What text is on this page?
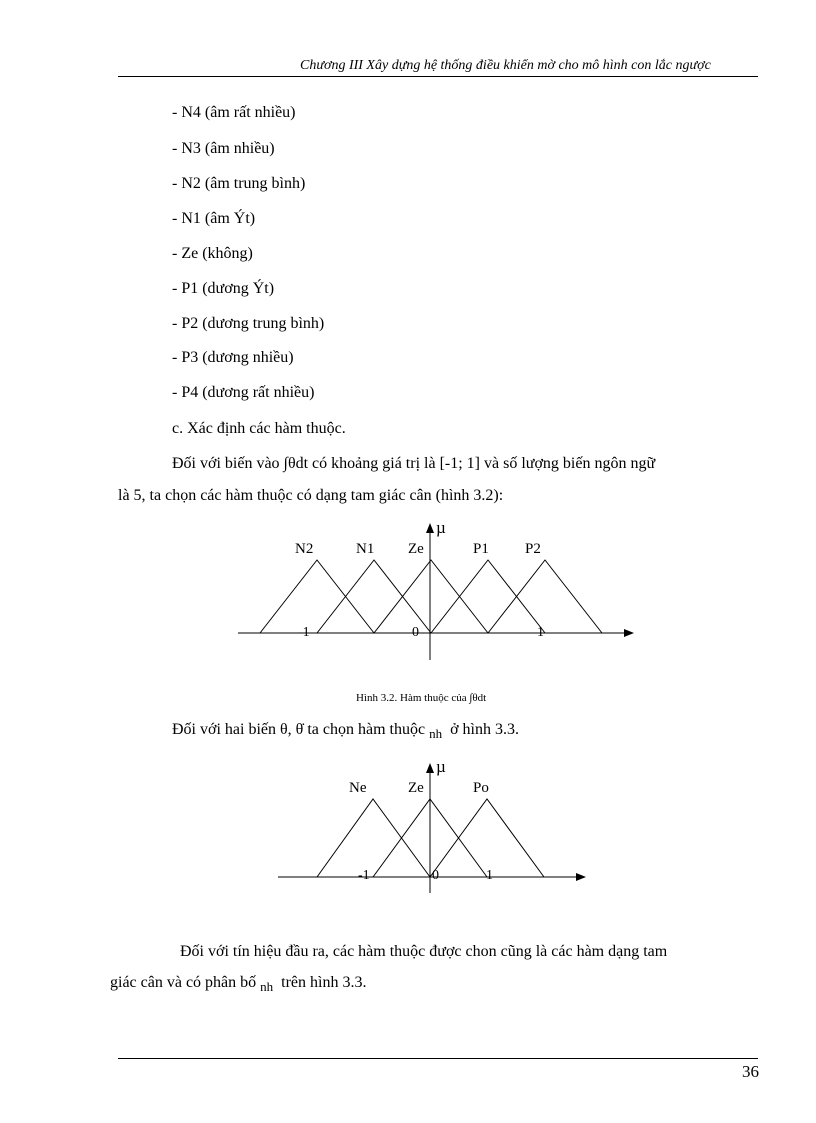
Chương III Xây dựng hệ thống điều khiển mờ cho mô hình con lắc ngược
- N4 (âm rất nhiều)
- N3 (âm nhiều)
- N2 (âm trung bình)
- N1 (âm Ýt)
- Ze (không)
- P1 (dương Ýt)
- P2 (dương trung bình)
- P3 (dương nhiều)
- P4 (dương rất nhiều)
c. Xác định các hàm thuộc.
Đối với biến vào ∫θdt có khoảng giá trị là [-1; 1] và số lượng biến ngôn ngữ
là 5, ta chọn các hàm thuộc có dạng tam giác cân (hình 3.2):
µ
N2	N1 Ze	P1 P2
-1	0	1
Hình 3.2. Hàm thuộc của ∫θdt
Đối với hai biến θ, θ̇ ta chọn hàm thuộc $_{nh}$ ở hình 3.3.
µ
Ne	Ze	Po
-1	0	1
Đối với tín hiệu đầu ra, các hàm thuộc được chon cũng là các hàm dạng tam
giác cân và có phân bố $_{nh}$ trên hình 3.3.
36
